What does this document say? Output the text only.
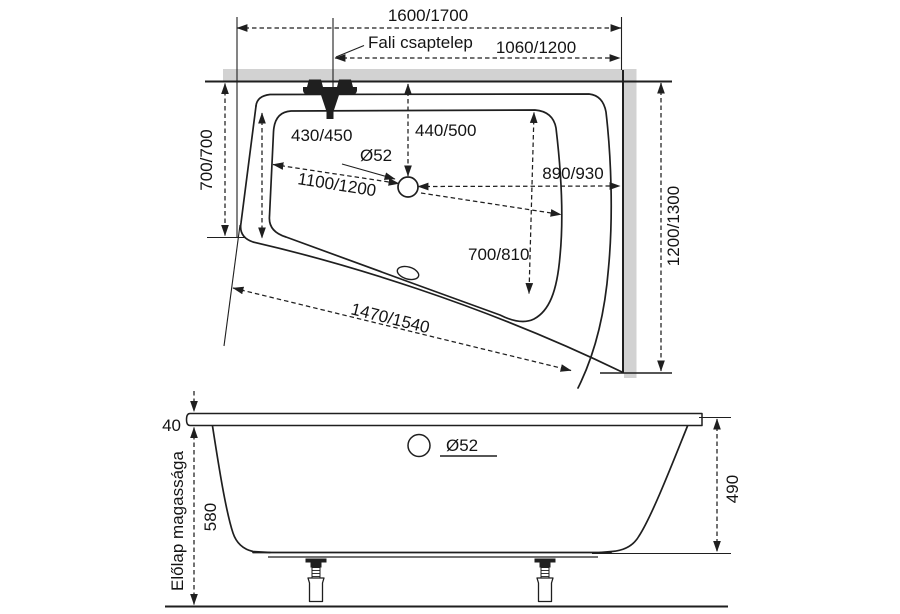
1600/1700
Fali csaptelep 1060/1200
700/700
1200/1300
430/450	440/500
Ø52
1100/1200	890/930
700/810
1470/1540
40
Előlap magassága 580
Ø52
490
